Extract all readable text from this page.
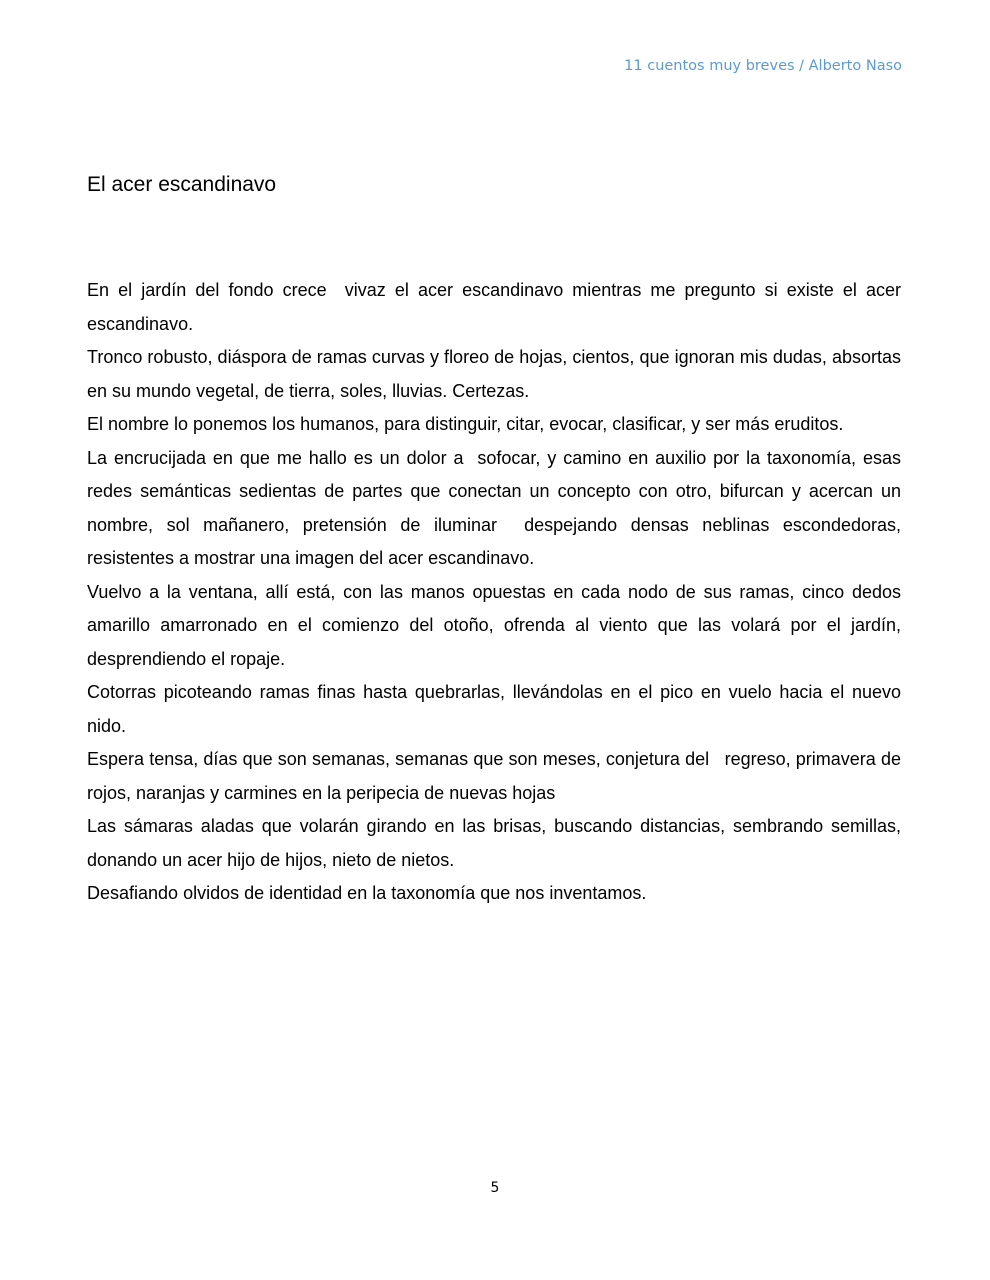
11 cuentos muy breves / Alberto Naso
El acer escandinavo

En el jardín del fondo crece  vivaz el acer escandinavo mientras me pregunto si existe el acer escandinavo.

Tronco robusto, diáspora de ramas curvas y floreo de hojas, cientos, que ignoran mis dudas, absortas en su mundo vegetal, de tierra, soles, lluvias. Certezas.

El nombre lo ponemos los humanos, para distinguir, citar, evocar, clasificar, y ser más eruditos.

La encrucijada en que me hallo es un dolor a  sofocar, y camino en auxilio por la taxonomía, esas redes semánticas sedientas de partes que conectan un concepto con otro, bifurcan y acercan un nombre, sol mañanero, pretensión de iluminar  despejando densas neblinas escondedoras, resistentes a mostrar una imagen del acer escandinavo.

Vuelvo a la ventana, allí está, con las manos opuestas en cada nodo de sus ramas, cinco dedos amarillo amarronado en el comienzo del otoño, ofrenda al viento que las volará por el jardín, desprendiendo el ropaje.

Cotorras picoteando ramas finas hasta quebrarlas, llevándolas en el pico en vuelo hacia el nuevo nido.

Espera tensa, días que son semanas, semanas que son meses, conjetura del   regreso, primavera de rojos, naranjas y carmines en la peripecia de nuevas hojas

Las sámaras aladas que volarán girando en las brisas, buscando distancias, sembrando semillas, donando un acer hijo de hijos, nieto de nietos.

Desafiando olvidos de identidad en la taxonomía que nos inventamos.

5
